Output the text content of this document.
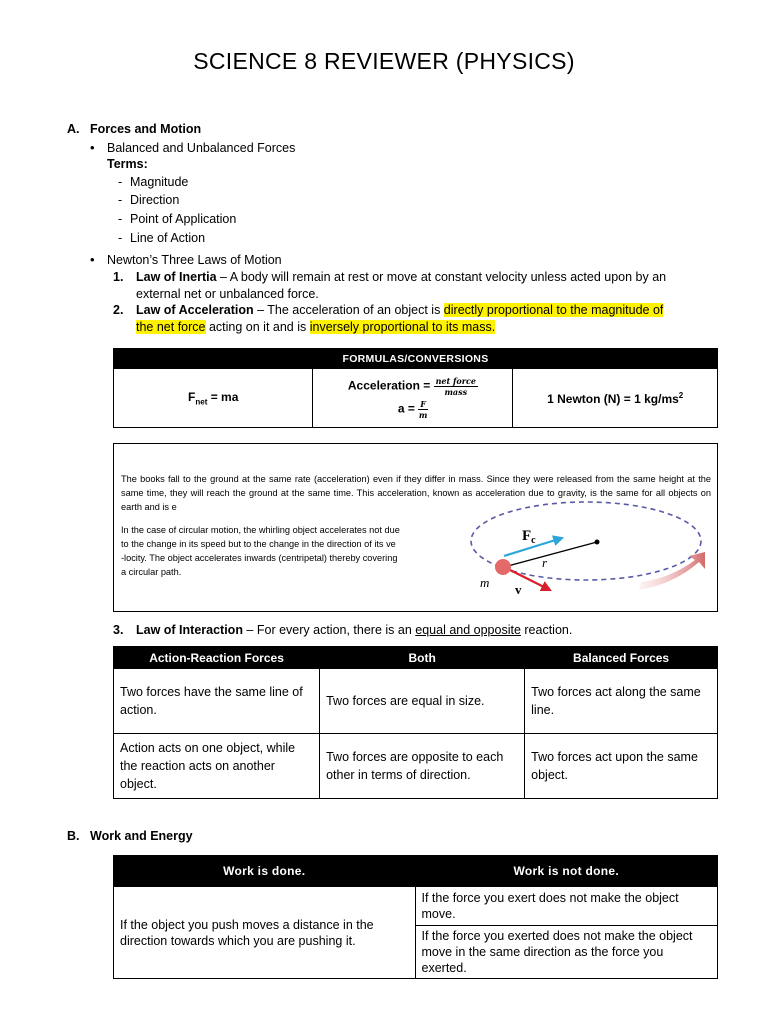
SCIENCE 8 REVIEWER (PHYSICS)
A. Forces and Motion
• Balanced and Unbalanced Forces
Terms:
- Magnitude
- Direction
- Point of Application
- Line of Action
• Newton’s Three Laws of Motion
1. Law of Inertia – A body will remain at rest or move at constant velocity unless acted upon by an
external net or unbalanced force.
2. Law of Acceleration – The acceleration of an object is directly proportional to the magnitude of
the net force acting on it and is inversely proportional to its mass.
FORMULAS/CONVERSIONS
$F_{net}$ = ma	
Acceleration = $\frac{\text{net force}}{\text{mass}}$
$a = \frac{F}{m}$
	1 Newton (N) = 1 $kg/ms^2$
The books fall to the ground at the same rate (acceleration) even if they differ in mass. Since they were released from the same height at the same time, they will reach the ground at the same time. This acceleration, known as acceleration due to gravity, is the same for all objects on earth and is e
In the case of circular motion, the whirling object accelerates not due
to the change in its speed but to the change in the direction of its ve
-locity. The object accelerates inwards (centripetal) thereby covering
a circular path.
$F_c$
r
m v
3. Law of Interaction – For every action, there is an equal and opposite reaction.
Action-Reaction Forces	Both	Balanced Forces
Two forces have the same line of action.	Two forces are equal in size.	Two forces act along the same line.
Action acts on one object, while the reaction acts on another object.	Two forces are opposite to each other in terms of direction.	Two forces act upon the same object.
B. Work and Energy
Work is done.	Work is not done.
If the object you push moves a distance in the direction towards which you are pushing it.	If the force you exert does not make the object move.
	If the force you exerted does not make the object move in the same direction as the force you exerted.
